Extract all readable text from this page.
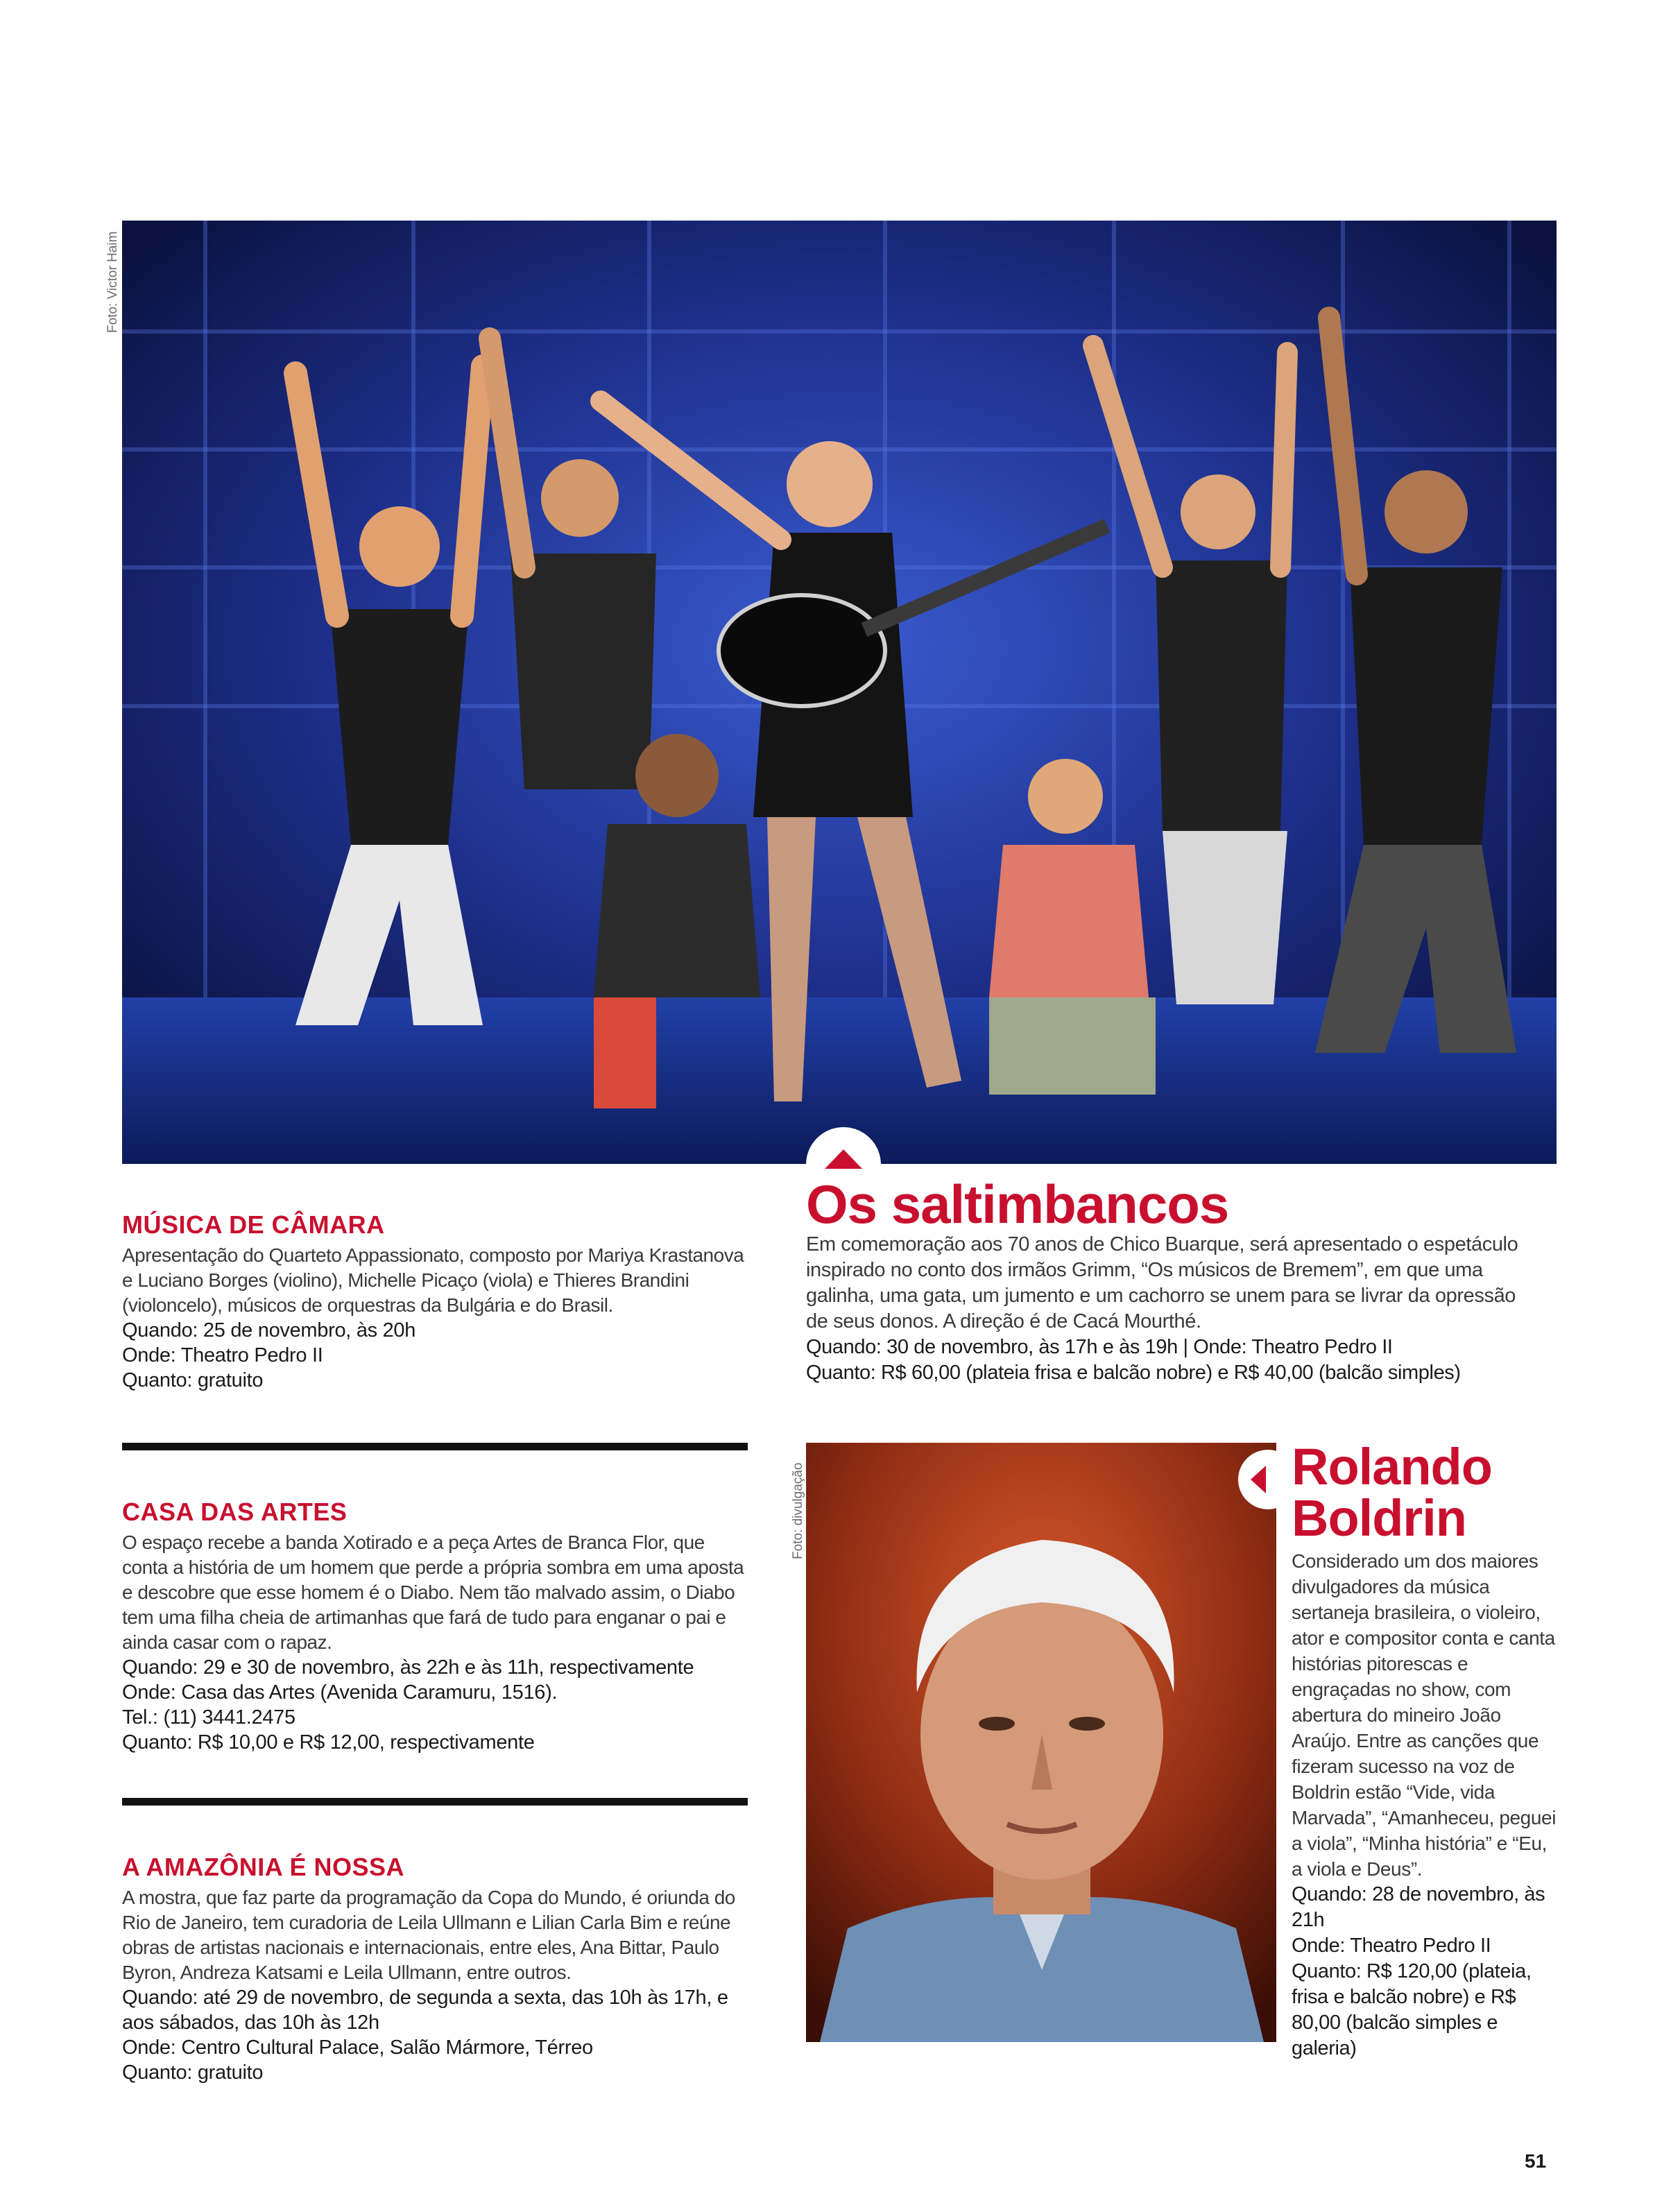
Foto: Victor Haim
Os saltimbancos

Em comemoração aos 70 anos de Chico Buarque, será apresentado o espetáculo inspirado no conto dos irmãos Grimm, “Os músicos de Bremem”, em que uma galinha, uma gata, um jumento e um cachorro se unem para se livrar da opressão de seus donos. A direção é de Cacá Mourthé.

Quando: 30 de novembro, às 17h e às 19h | Onde: Theatro Pedro II
Quanto: R$ 60,00 (plateia frisa e balcão nobre) e R$ 40,00 (balcão simples)
MÚSICA DE CÂMARA

Apresentação do Quarteto Appassionato, composto por Mariya Krastanova e Luciano Borges (violino), Michelle Picaço (viola) e Thieres Brandini (violoncelo), músicos de orquestras da Bulgária e do Brasil.

Quando: 25 de novembro, às 20h
Onde: Theatro Pedro II
Quanto: gratuito
CASA DAS ARTES

O espaço recebe a banda Xotirado e a peça Artes de Branca Flor, que conta a história de um homem que perde a própria sombra em uma aposta e descobre que esse homem é o Diabo. Nem tão malvado assim, o Diabo tem uma filha cheia de artimanhas que fará de tudo para enganar o pai e ainda casar com o rapaz.

Quando: 29 e 30 de novembro, às 22h e às 11h, respectivamente
Onde: Casa das Artes (Avenida Caramuru, 1516).
Tel.: (11) 3441.2475
Quanto: R$ 10,00 e R$ 12,00, respectivamente
A AMAZÔNIA É NOSSA

A mostra, que faz parte da programação da Copa do Mundo, é oriunda do Rio de Janeiro, tem curadoria de Leila Ullmann e Lilian Carla Bim e reúne obras de artistas nacionais e internacionais, entre eles, Ana Bittar, Paulo Byron, Andreza Katsami e Leila Ullmann, entre outros.

Quando: até 29 de novembro, de segunda a sexta, das 10h às 17h, e aos sábados, das 10h às 12h
Onde: Centro Cultural Palace, Salão Mármore, Térreo
Quanto: gratuito
Foto: divulgação	Rolando
Boldrin

Considerado um dos maiores divulgadores da música sertaneja brasileira, o violeiro, ator e compositor conta e canta histórias pitorescas e engraçadas no show, com abertura do mineiro João Araújo. Entre as canções que fizeram sucesso na voz de Boldrin estão “Vide, vida Marvada”, “Amanheceu, peguei a viola”, “Minha história” e “Eu, a viola e Deus”.

Quando: 28 de novembro, às 21h
Onde: Theatro Pedro II
Quanto: R$ 120,00 (plateia, frisa e balcão nobre) e R$ 80,00 (balcão simples e galeria)
51
